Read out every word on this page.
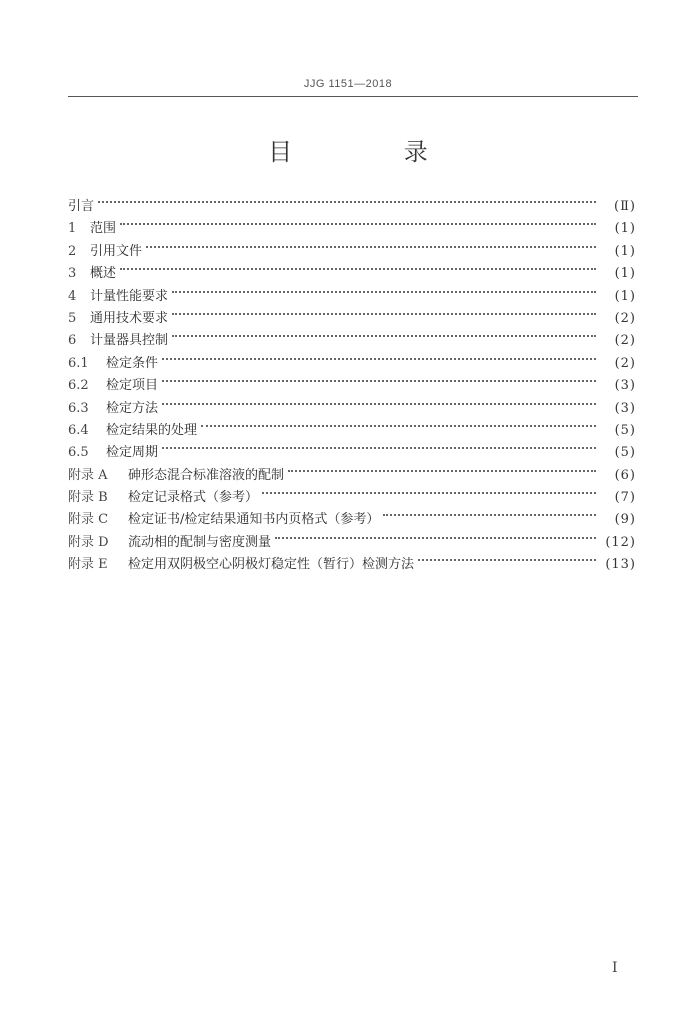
JJG 1151—2018
目 录
引言	(Ⅱ)
1	范围	(1)
2	引用文件	(1)
3	概述	(1)
4	计量性能要求	(1)
5	通用技术要求	(2)
6	计量器具控制	(2)
6.1	检定条件	(2)
6.2	检定项目	(3)
6.3	检定方法	(3)
6.4	检定结果的处理	(5)
6.5	检定周期	(5)
附录 A	砷形态混合标准溶液的配制	(6)
附录 B	检定记录格式（参考）	(7)
附录 C	检定证书/检定结果通知书内页格式（参考）	(9)
附录 D	流动相的配制与密度测量	(12)
附录 E	检定用双阴极空心阴极灯稳定性（暂行）检测方法	(13)
Ⅰ
